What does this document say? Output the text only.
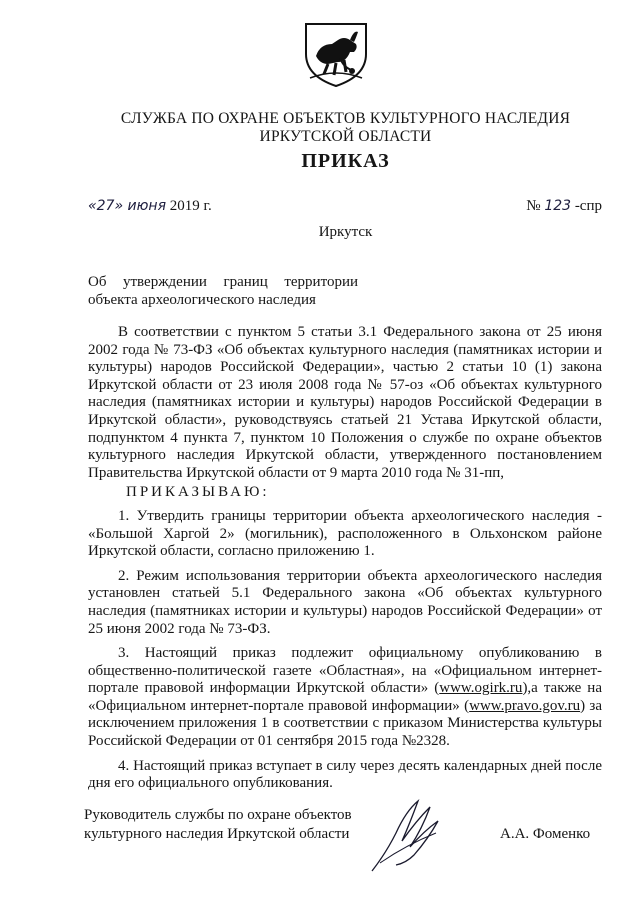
СЛУЖБА ПО ОХРАНЕ ОБЪЕКТОВ КУЛЬТУРНОГО НАСЛЕДИЯ

ИРКУТСКОЙ ОБЛАСТИ

ПРИКАЗ
«27» июня 2019 г.	№ 123 -спр

Иркутск

Об утверждении границ территории объекта археологического наследия

В соответствии с пунктом 5 статьи 3.1 Федерального закона от 25 июня 2002 года № 73-ФЗ «Об объектах культурного наследия (памятниках истории и культуры) народов Российской Федерации», частью 2 статьи 10 (1) закона Иркутской области от 23 июля 2008 года № 57-оз «Об объектах культурного наследия (памятниках истории и культуры) народов Российской Федерации в Иркутской области», руководствуясь статьей 21 Устава Иркутской области, подпунктом 4 пункта 7, пунктом 10 Положения о службе по охране объектов культурного наследия Иркутской области, утвержденного постановлением Правительства Иркутской области от 9 марта 2010 года № 31-пп,

ПРИКАЗЫВАЮ:

1. Утвердить границы территории объекта археологического наследия - «Большой Харгой 2» (могильник), расположенного в Ольхонском районе Иркутской области, согласно приложению 1.

2. Режим использования территории объекта археологического наследия установлен статьей 5.1 Федерального закона «Об объектах культурного наследия (памятниках истории и культуры) народов Российской Федерации» от 25 июня 2002 года № 73-ФЗ.

3. Настоящий приказ подлежит официальному опубликованию в общественно-политической газете «Областная», на «Официальном интернет-портале правовой информации Иркутской области» (www.ogirk.ru),а также на «Официальном интернет-портале правовой информации» (www.pravo.gov.ru) за исключением приложения 1 в соответствии с приказом Министерства культуры Российской Федерации от 01 сентября 2015 года №2328.

4. Настоящий приказ вступает в силу через десять календарных дней после дня его официального опубликования.

Руководитель службы по охране объектов культурного наследия Иркутской области	А.А. Фоменко
